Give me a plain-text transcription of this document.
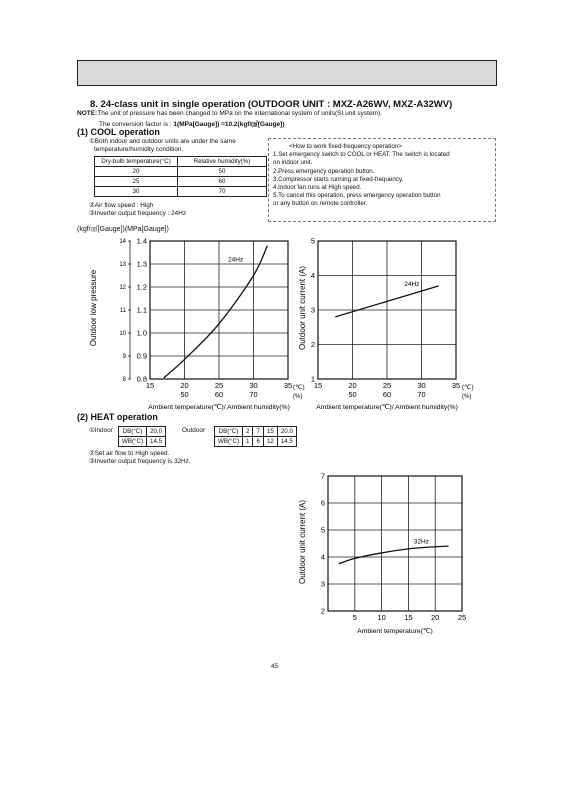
8. 24-class unit in single operation (OUTDOOR UNIT : MXZ-A26WV, MXZ-A32WV)
NOTE:The unit of pressure has been changed to MPa on the international system of units(SI unit system).
The conversion factor is : 1(MPa[Gauge]) =10.2(kgf/㎠[Gauge])
(1) COOL operation
①Both indoor and outdoor units are under the same
temperature/humidity condition.
Dry-bulb temperature(°C)	Relative humidity(%)
20	50
25	60
30	70
②Air flow speed : High
③Inverter output frequency : 24Hz
<How to work fixed-frequency operation>
1.Set emergency switch to COOL or HEAT. The switch is located
on indoor unit.
2.Press emergency operation button.
3.Compressor starts running at fixed-frequency.
4.Indoor fan runs at High speed.
5.To cancel this operation, press emergency operation button
or any button on remote controller.
(kgf/㎠[Gauge])(MPa[Gauge])
Outdoor low pressure
0.8
8
0.9
9
1.0
10
1.1
11
1.2
12
1.3
13
1.4
14
15	20	25	30	35
50	60	70
24Hz
(℃)
(%)
Ambient temperature(℃)/ Ambient humidity(%)
Outdoor unit current (A)
1
2
3
4
5
15	20	25	30	35
50	60	70
24Hz
(℃)
(%)
Ambient temperature(℃)/ Ambient humidity(%)
(2) HEAT operation
①Indoor DB(°C)	20.0
WB(°C)	14.5
Outdoor DB(°C)	2	7	15	20.0
WB(°C)	1	6	12	14.5
②Set air flow to High speed.
③Inverter output frequency is 32Hz.
Outdoor unit current (A)
2
3
4
5
6
7
5	10 15 20 25
32Hz
Ambient temperature(℃)
45
